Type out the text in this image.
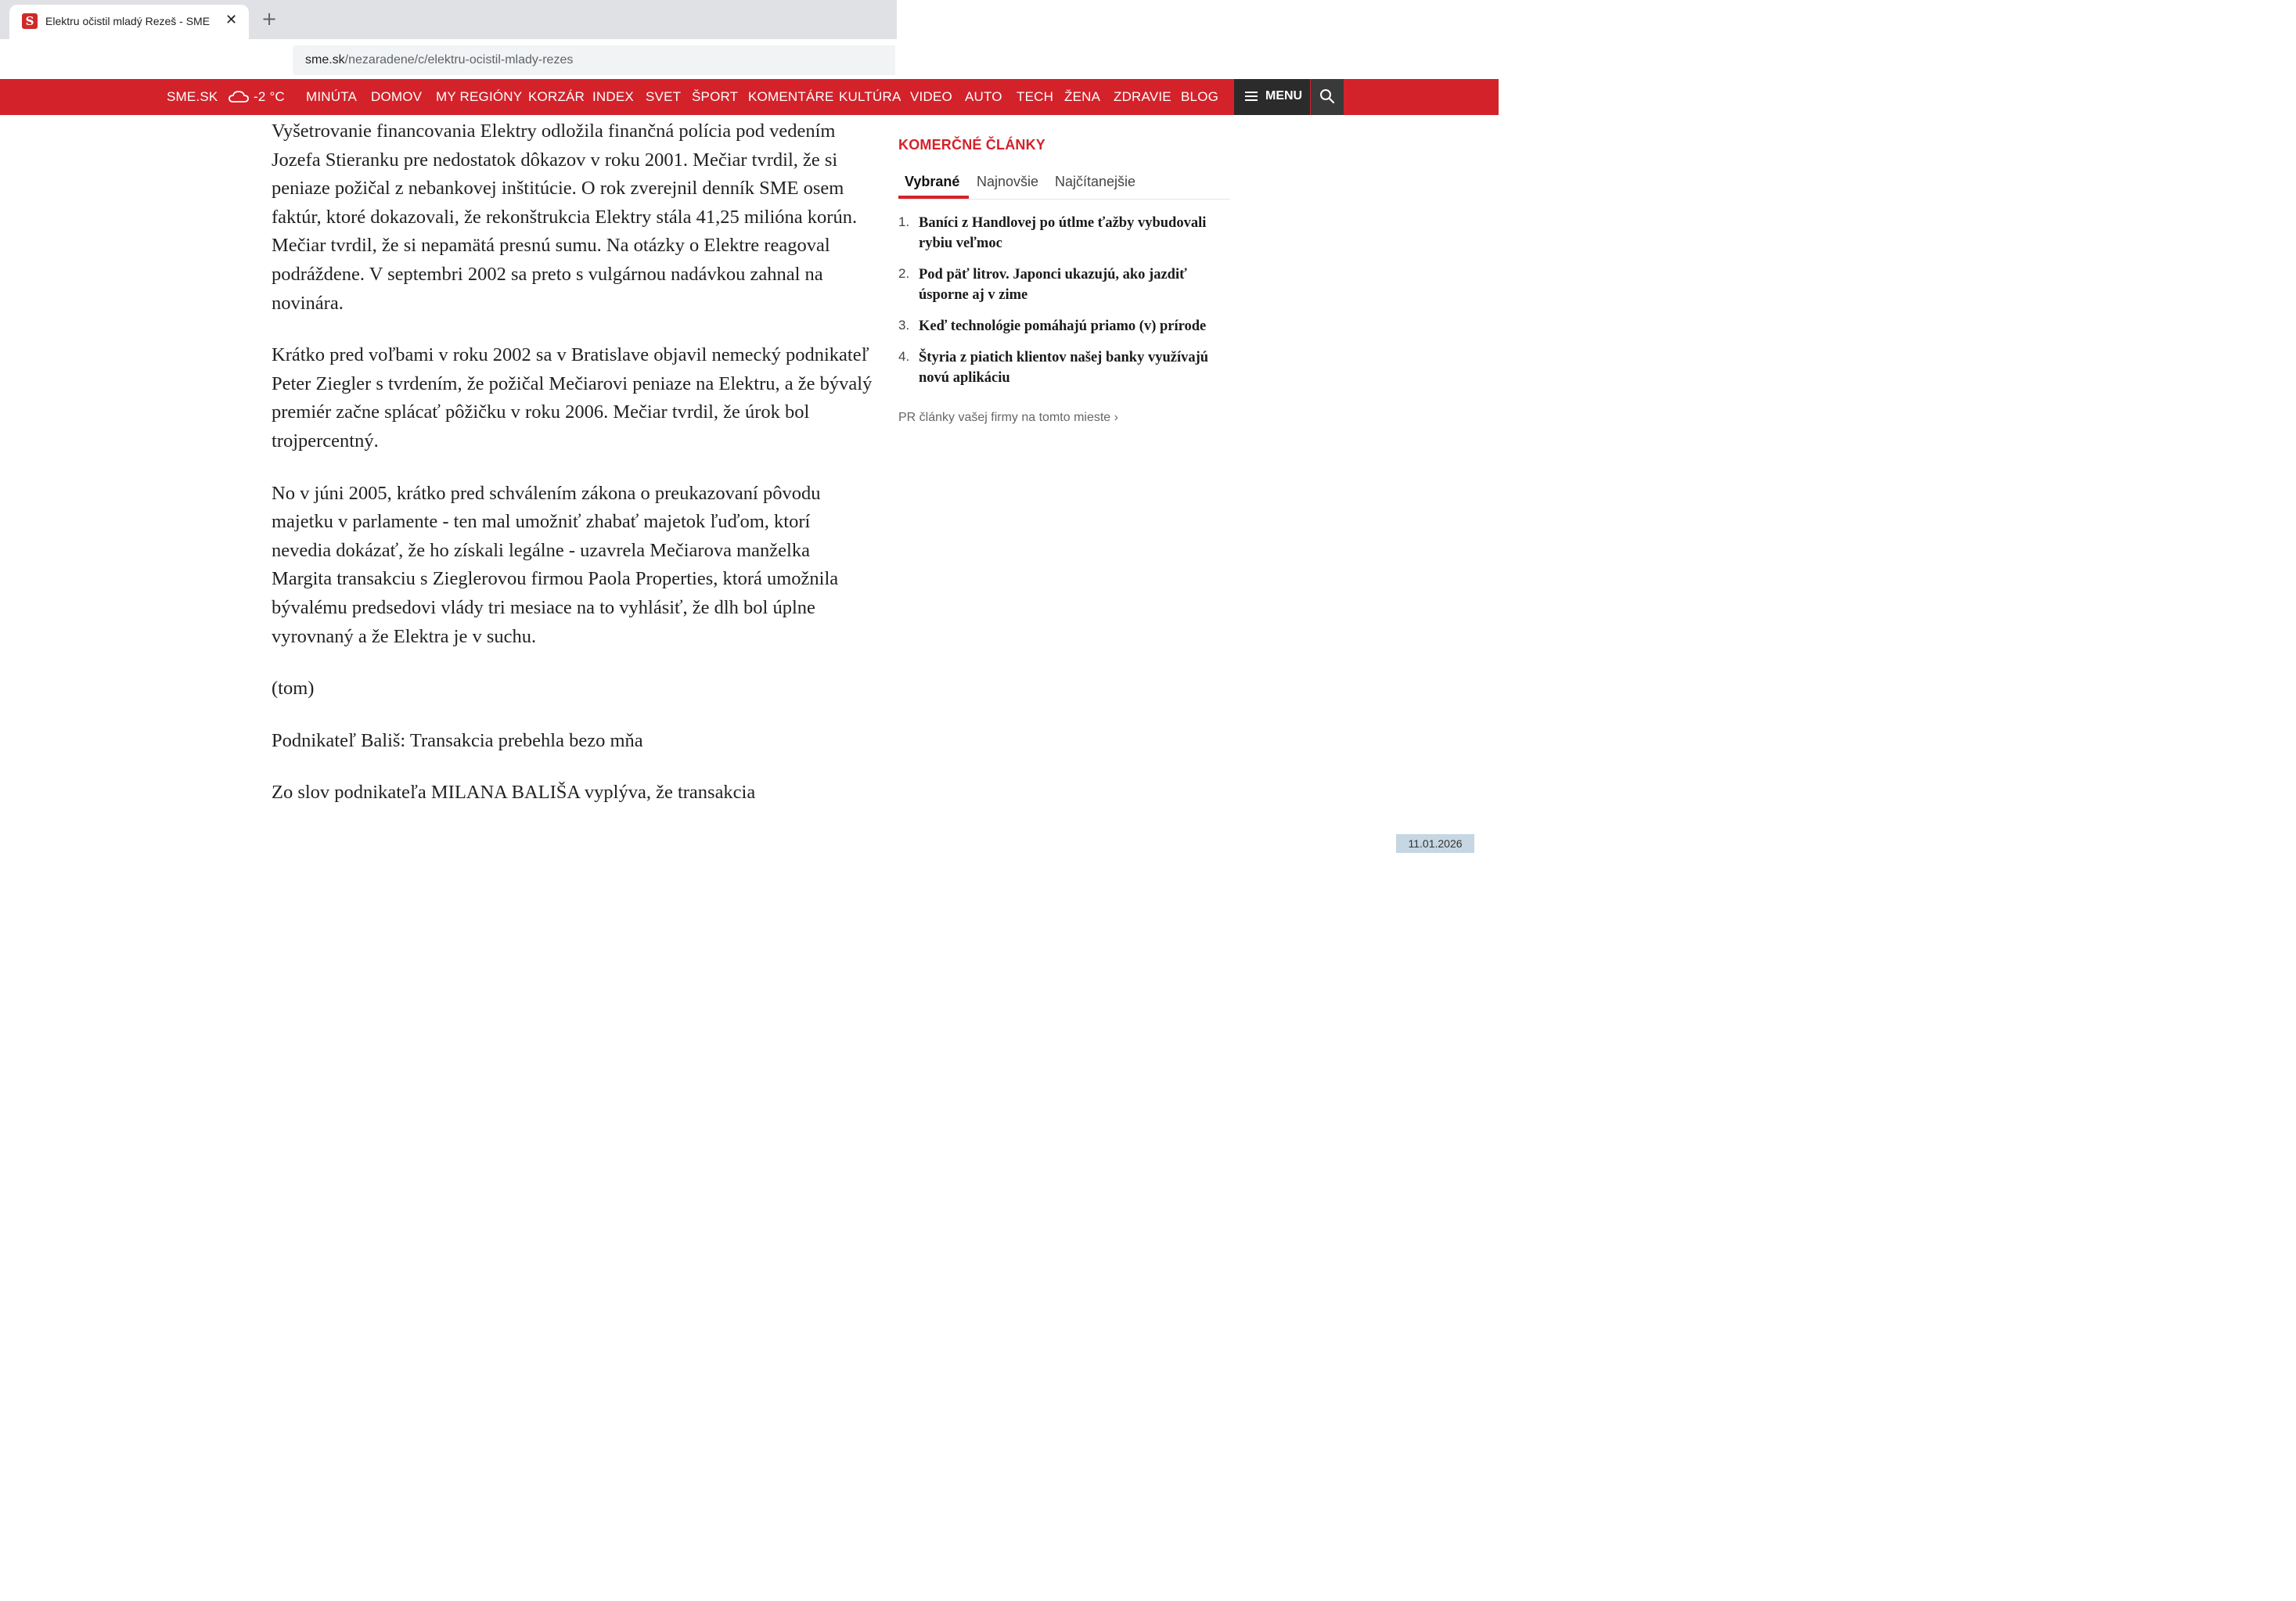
S	Elektru očistil mladý Rezeš - SME ✕ +
sme.sk/nezaradene/c/elektru-ocistil-mlady-rezes
SME.SK	-2 °C MINÚTA DOMOV MY REGIÓNY KORZÁR INDEX SVET ŠPORT KOMENTÁRE KULTÚRA VIDEO AUTO TECH ŽENA ZDRAVIE BLOG	MENU

Vyšetrovanie financovania Elektry odložila finančná polícia pod vedením Jozefa Stieranku pre nedostatok dôkazov v roku 2001. Mečiar tvrdil, že si peniaze požičal z nebankovej inštitúcie. O rok zverejnil denník SME osem faktúr, ktoré dokazovali, že rekonštrukcia Elektry stála 41,25 milióna korún. Mečiar tvrdil, že si nepamätá presnú sumu. Na otázky o Elektre reagoval podráždene. V septembri 2002 sa preto s vulgárnou nadávkou zahnal na novinára.

Krátko pred voľbami v roku 2002 sa v Bratislave objavil nemecký podnikateľ Peter Ziegler s tvrdením, že požičal Mečiarovi peniaze na Elektru, a že bývalý premiér začne splácať pôžičku v roku 2006. Mečiar tvrdil, že úrok bol trojpercentný.

No v júni 2005, krátko pred schválením zákona o preukazovaní pôvodu majetku v parlamente - ten mal umožniť zhabať majetok ľuďom, ktorí nevedia dokázať, že ho získali legálne - uzavrela Mečiarova manželka Margita transakciu s Zieglerovou firmou Paola Properties, ktorá umožnila bývalému predsedovi vlády tri mesiace na to vyhlásiť, že dlh bol úplne vyrovnaný a že Elektra je v suchu.

(tom)

Podnikateľ Bališ: Transakcia prebehla bezo mňa

Zo slov podnikateľa MILANA BALIŠA vyplýva, že transakcia

KOMERČNÉ ČLÁNKY
Vybrané Najnovšie Najčítanejšie
1. Baníci z Handlovej po útlme ťažby vybudovali rybiu veľmoc
2. Pod päť litrov. Japonci ukazujú, ako jazdiť úsporne aj v zime
3. Keď technológie pomáhajú priamo (v) prírode
4. Štyria z piatich klientov našej banky využívajú novú aplikáciu
PR články vašej firmy na tomto mieste ›
11.01.2026
